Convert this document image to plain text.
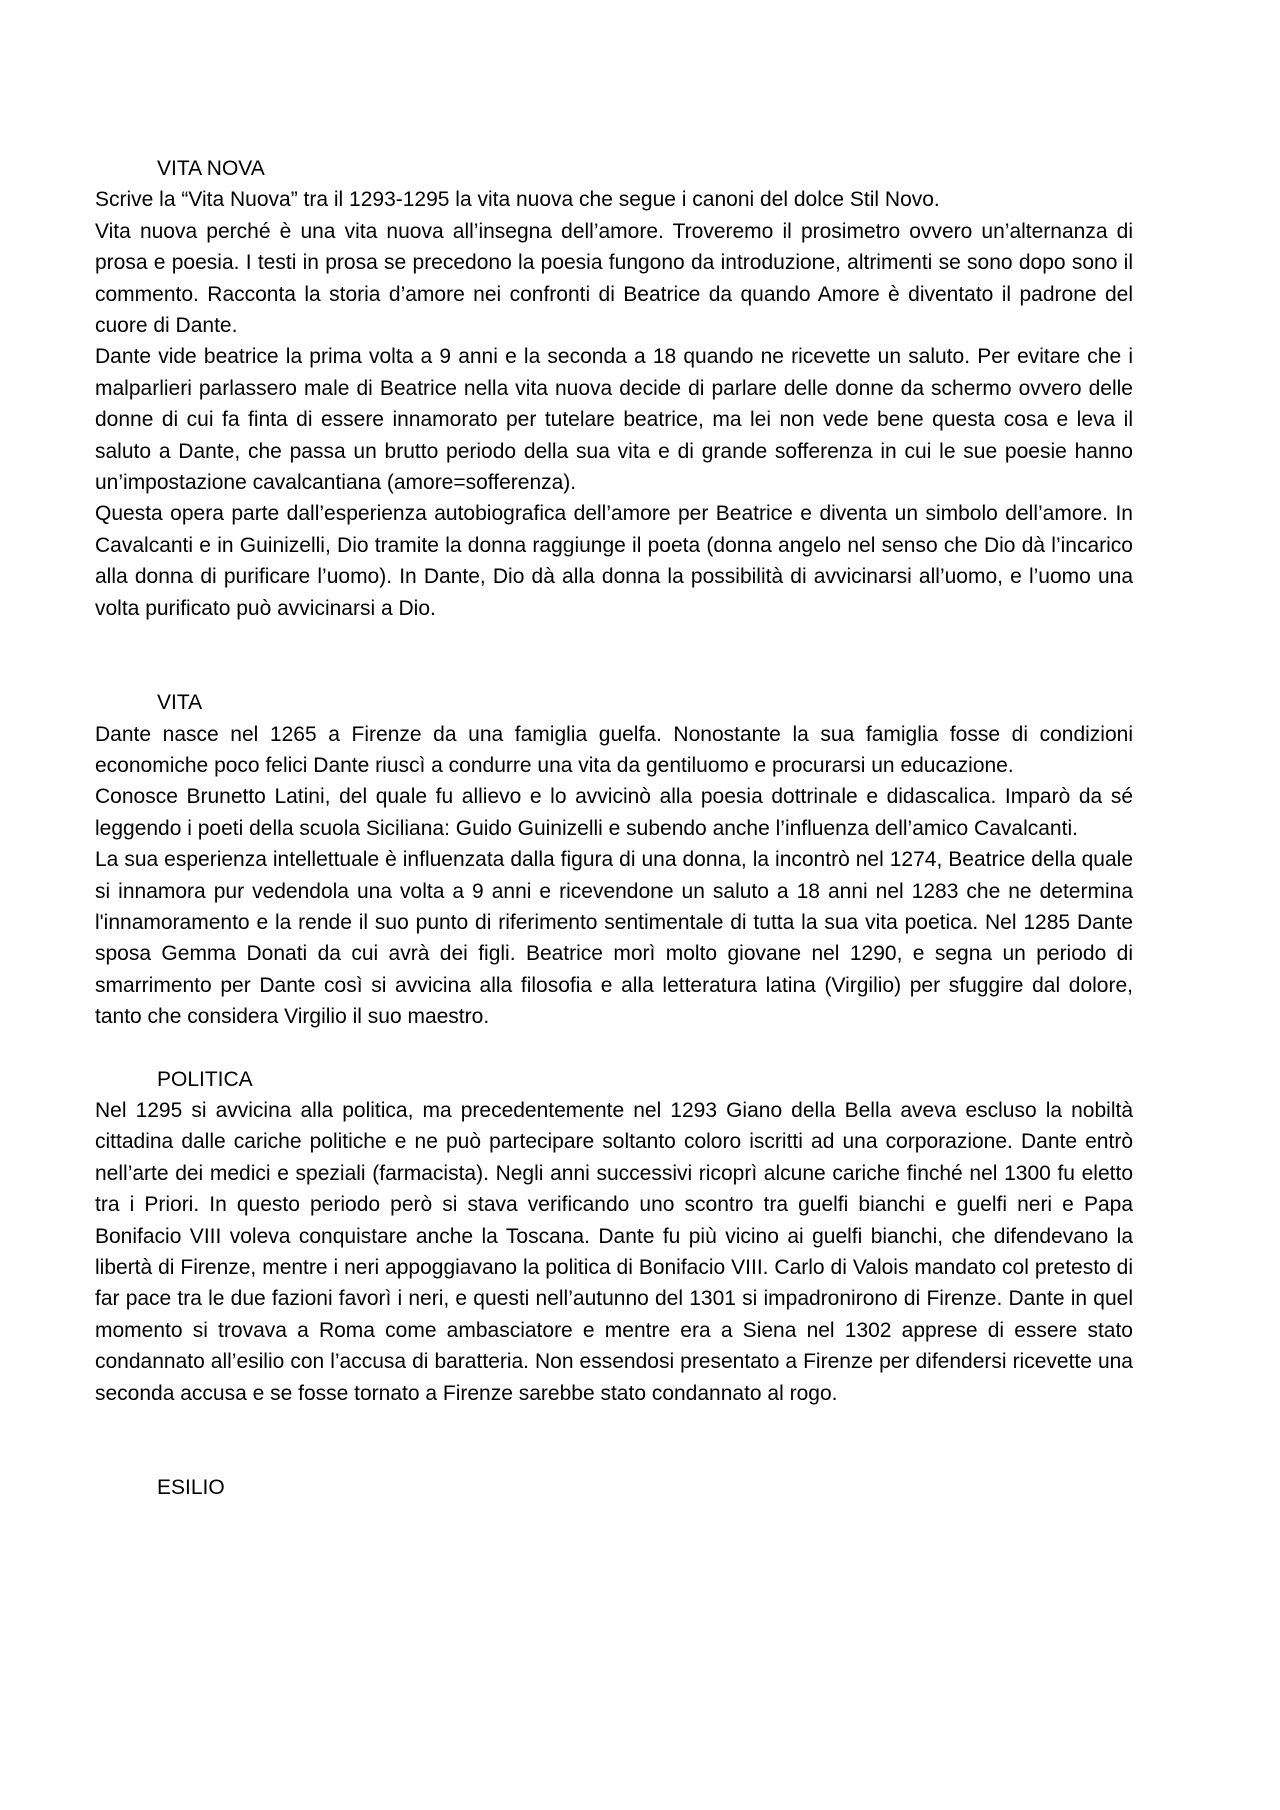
VITA NOVA

Scrive la “Vita Nuova” tra il 1293-1295 la vita nuova che segue i canoni del dolce Stil Novo.

Vita nuova perché è una vita nuova all’insegna dell’amore. Troveremo il prosimetro ovvero un’alternanza di prosa e poesia. I testi in prosa se precedono la poesia fungono da introduzione, altrimenti se sono dopo sono il commento. Racconta la storia d’amore nei confronti di Beatrice da quando Amore è diventato il padrone del cuore di Dante.

Dante vide beatrice la prima volta a 9 anni e la seconda a 18 quando ne ricevette un saluto. Per evitare che i malparlieri parlassero male di Beatrice nella vita nuova decide di parlare delle donne da schermo ovvero delle donne di cui fa finta di essere innamorato per tutelare beatrice, ma lei non vede bene questa cosa e leva il saluto a Dante, che passa un brutto periodo della sua vita e di grande sofferenza in cui le sue poesie hanno un’impostazione cavalcantiana (amore=sofferenza).

Questa opera parte dall’esperienza autobiografica dell’amore per Beatrice e diventa un simbolo dell’amore. In Cavalcanti e in Guinizelli, Dio tramite la donna raggiunge il poeta (donna angelo nel senso che Dio dà l’incarico alla donna di purificare l’uomo). In Dante, Dio dà alla donna la possibilità di avvicinarsi all’uomo, e l’uomo una volta purificato può avvicinarsi a Dio.

VITA

Dante nasce nel 1265 a Firenze da una famiglia guelfa. Nonostante la sua famiglia fosse di condizioni economiche poco felici Dante riuscì a condurre una vita da gentiluomo e procurarsi un educazione.

Conosce Brunetto Latini, del quale fu allievo e lo avvicinò alla poesia dottrinale e didascalica. Imparò da sé leggendo i poeti della scuola Siciliana: Guido Guinizelli e subendo anche l’influenza dell’amico Cavalcanti.

La sua esperienza intellettuale è influenzata dalla figura di una donna, la incontrò nel 1274, Beatrice della quale si innamora pur vedendola una volta a 9 anni e ricevendone un saluto a 18 anni nel 1283 che ne determina l'innamoramento e la rende il suo punto di riferimento sentimentale di tutta la sua vita poetica. Nel 1285 Dante sposa Gemma Donati da cui avrà dei figli. Beatrice morì molto giovane nel 1290, e segna un periodo di smarrimento per Dante così si avvicina alla filosofia e alla letteratura latina (Virgilio) per sfuggire dal dolore, tanto che considera Virgilio il suo maestro.

POLITICA

Nel 1295 si avvicina alla politica, ma precedentemente nel 1293 Giano della Bella aveva escluso la nobiltà cittadina dalle cariche politiche e ne può partecipare soltanto coloro iscritti ad una corporazione. Dante entrò nell’arte dei medici e speziali (farmacista). Negli anni successivi ricoprì alcune cariche finché nel 1300 fu eletto tra i Priori. In questo periodo però si stava verificando uno scontro tra guelfi bianchi e guelfi neri e Papa Bonifacio VIII voleva conquistare anche la Toscana. Dante fu più vicino ai guelfi bianchi, che difendevano la libertà di Firenze, mentre i neri appoggiavano la politica di Bonifacio VIII. Carlo di Valois mandato col pretesto di far pace tra le due fazioni favorì i neri, e questi nell’autunno del 1301 si impadronirono di Firenze. Dante in quel momento si trovava a Roma come ambasciatore e mentre era a Siena nel 1302 apprese di essere stato condannato all’esilio con l’accusa di baratteria. Non essendosi presentato a Firenze per difendersi ricevette una seconda accusa e se fosse tornato a Firenze sarebbe stato condannato al rogo.

ESILIO
